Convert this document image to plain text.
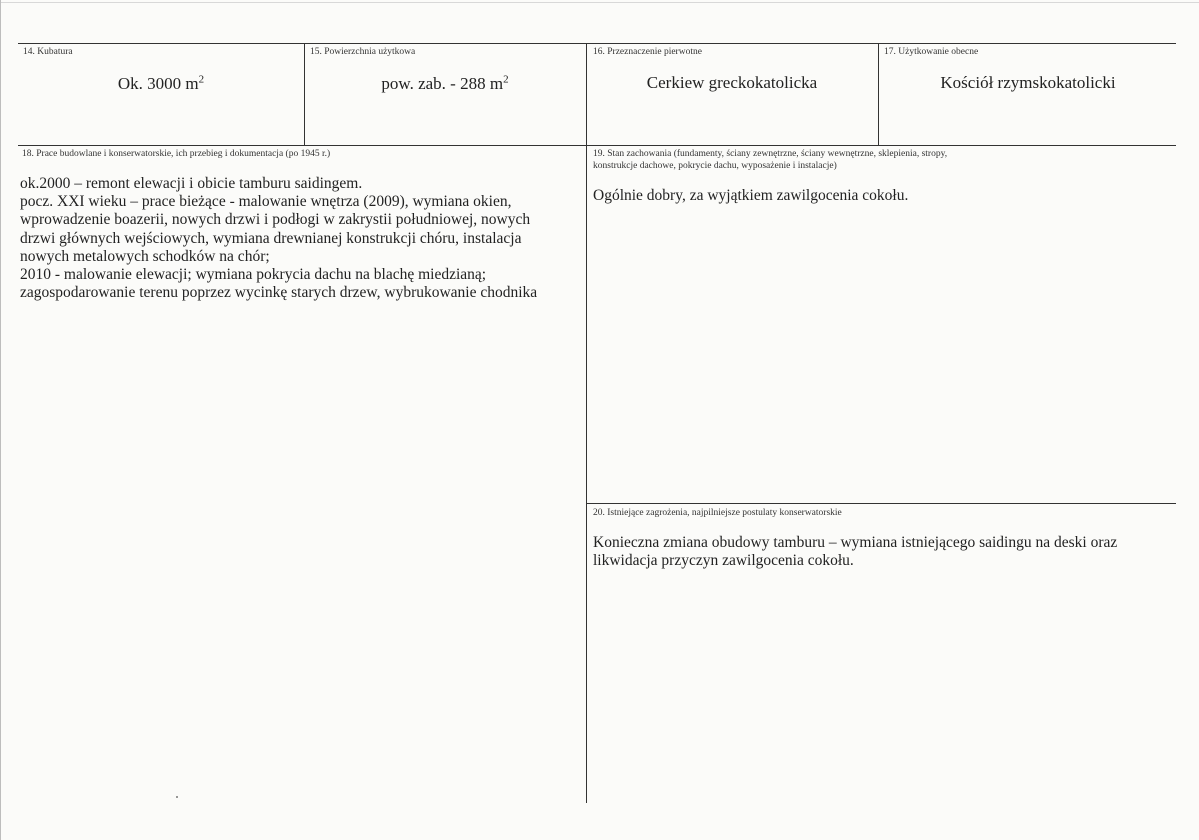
14. Kubatura
Ok. 3000 $m^2$
15. Powierzchnia użytkowa
pow. zab. - 288 $m^2$
16. Przeznaczenie pierwotne
Cerkiew greckokatolicka
17. Użytkowanie obecne
Kościół rzymskokatolicki
18. Prace budowlane i konserwatorskie, ich przebieg i dokumentacja (po 1945 r.)

ok.2000 – remont elewacji i obicie tamburu saidingem.

pocz. XXI wieku – prace bieżące - malowanie wnętrza (2009), wymiana okien,

wprowadzenie boazerii, nowych drzwi i podłogi w zakrystii południowej, nowych

drzwi głównych wejściowych, wymiana drewnianej konstrukcji chóru, instalacja

nowych metalowych schodków na chór;

2010 - malowanie elewacji; wymiana pokrycia dachu na blachę miedzianą;

zagospodarowanie terenu poprzez wycinkę starych drzew, wybrukowanie chodnika

19. Stan zachowania (fundamenty, ściany zewnętrzne, ściany wewnętrzne, sklepienia, stropy,
konstrukcje dachowe, pokrycie dachu, wyposażenie i instalacje)

Ogólnie dobry, za wyjątkiem zawilgocenia cokołu.

20. Istniejące zagrożenia, najpilniejsze postulaty konserwatorskie

Konieczna zmiana obudowy tamburu – wymiana istniejącego saidingu na deski oraz

likwidacja przyczyn zawilgocenia cokołu.
